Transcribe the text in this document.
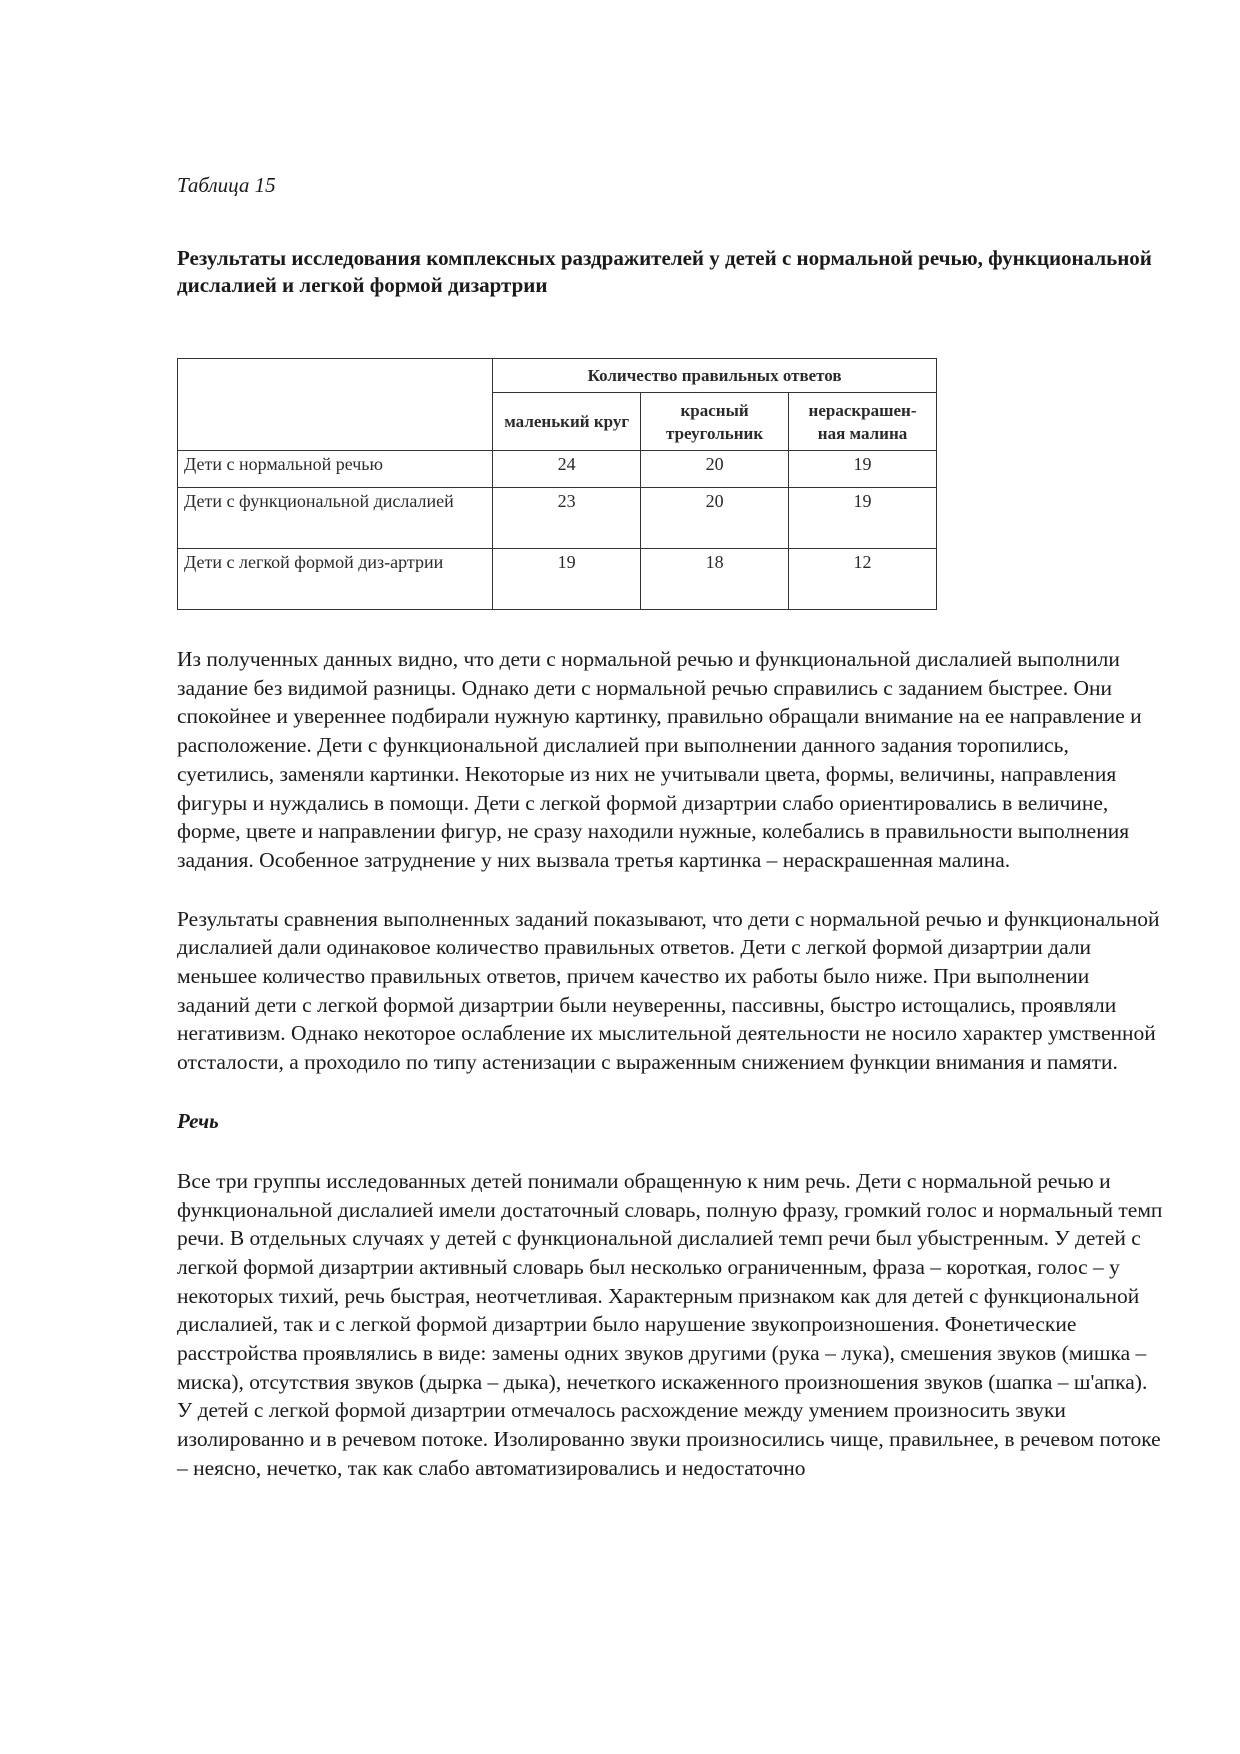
Таблица 15

Результаты исследования комплексных раздражителей у детей с нормальной речью, функциональной дислалией и легкой формой дизартрии

	Количество правильных ответов		
	маленький круг	красный треугольник	нераскрашен-ная малина
Дети с нормальной речью	24	20	19
Дети с функциональной дислалией	23	20	19
Дети с легкой формой диз-артрии	19	18	12

Из полученных данных видно, что дети с нормальной речью и функциональной дислалией выполнили задание без видимой разницы. Однако дети с нормальной речью справились с заданием быстрее. Они спокойнее и увереннее подбирали нужную картинку, правильно обращали внимание на ее направление и расположение. Дети с функциональной дислалией при выполнении данного задания торопились, суетились, заменяли картинки. Некоторые из них не учитывали цвета, формы, величины, направления фигуры и нуждались в помощи. Дети с легкой формой дизартрии слабо ориентировались в величине, форме, цвете и направлении фигур, не сразу находили нужные, колебались в правильности выполнения задания. Особенное затруднение у них вызвала третья картинка – нераскрашенная малина.

Результаты сравнения выполненных заданий показывают, что дети с нормальной речью и функциональной дислалией дали одинаковое количество правильных ответов. Дети с легкой формой дизартрии дали меньшее количество правильных ответов, причем качество их работы было ниже. При выполнении заданий дети с легкой формой дизартрии были неуверенны, пассивны, быстро истощались, проявляли негативизм. Однако некоторое ослабление их мыслительной деятельности не носило характер умственной отсталости, а проходило по типу астенизации с выраженным снижением функции внимания и памяти.

Речь

Все три группы исследованных детей понимали обращенную к ним речь. Дети с нормальной речью и функциональной дислалией имели достаточный словарь, полную фразу, громкий голос и нормальный темп речи. В отдельных случаях у детей с функциональной дислалией темп речи был убыстренным. У детей с легкой формой дизартрии активный словарь был несколько ограниченным, фраза – короткая, голос – у некоторых тихий, речь быстрая, неотчетливая. Характерным признаком как для детей с функциональной дислалией, так и с легкой формой дизартрии было нарушение звукопроизношения. Фонетические расстройства проявлялись в виде: замены одних звуков другими (рука – лука), смешения звуков (мишка – миска), отсутствия звуков (дырка – дыка), нечеткого искаженного произношения звуков (шапка – ш'апка). У детей с легкой формой дизартрии отмечалось расхождение между умением произносить звуки изолированно и в речевом потоке. Изолированно звуки произносились чище, правильнее, в речевом потоке – неясно, нечетко, так как слабо автоматизировались и недостаточно
